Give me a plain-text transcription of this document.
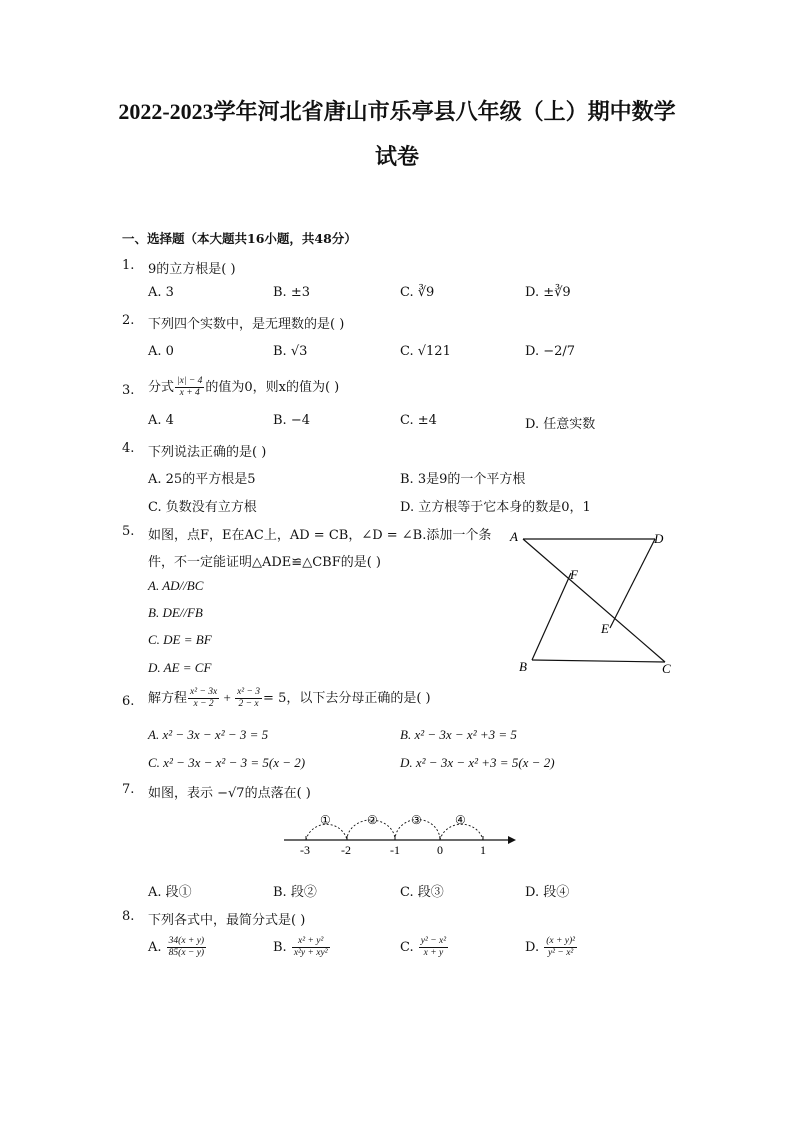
2022-2023学年河北省唐山市乐亭县八年级（上）期中数学
试卷
一、选择题（本大题共16小题，共48分）
1. 9的立方根是( )
A. 3	B. ±3	C. ∛9	D. ±∛9
2. 下列四个实数中，是无理数的是( )
A. 0	B. √3	C. √121	D. −2/7
3. 分式 $\frac{|x| - 4}{x + 4}$ 的值为0，则x的值为( )
A. 4	B. −4	C. ±4	D. 任意实数
4. 下列说法正确的是( )
A. 25的平方根是5	B. 3是9的一个平方根
C. 负数没有立方根	D. 立方根等于它本身的数是0，1
5. 如图，点F，E在AC上，AD = CB，∠D = ∠B.添加一个条
件，不一定能证明△ADE≌△CBF的是( )
A. AD//BC
B. DE//FB
C. DE = BF
D. AE = CF
A	D
F
E
B	C
6. 解方程 $\frac{\text{x² − 3x}}{x - 2} + \frac{\text{x² − 3}}{2 - x} = 5$，以下去分母正确的是( )
A. x² − 3x − x² − 3 = 5	B. x² − 3x − x² +3 = 5
C. x² − 3x − x² − 3 = 5(x − 2)	D. x² − 3x − x² +3 = 5(x − 2)
7. 如图，表示 −√7的点落在( )
①	②	③	④
-3	-2	-1	0	1
A. 段①	B. 段②	C. 段③	D. 段④
8. 下列各式中，最简分式是( )
A. $\frac{34(x + y)}{85(x - y)}$	B. $\frac{\text{x² + y²}}{\text{x²y + xy²}}$	C. $\frac{\text{y² − x²}}{x + y}$	D. $\frac{\text{(x + y)²}}{\text{y² − x²}}$
